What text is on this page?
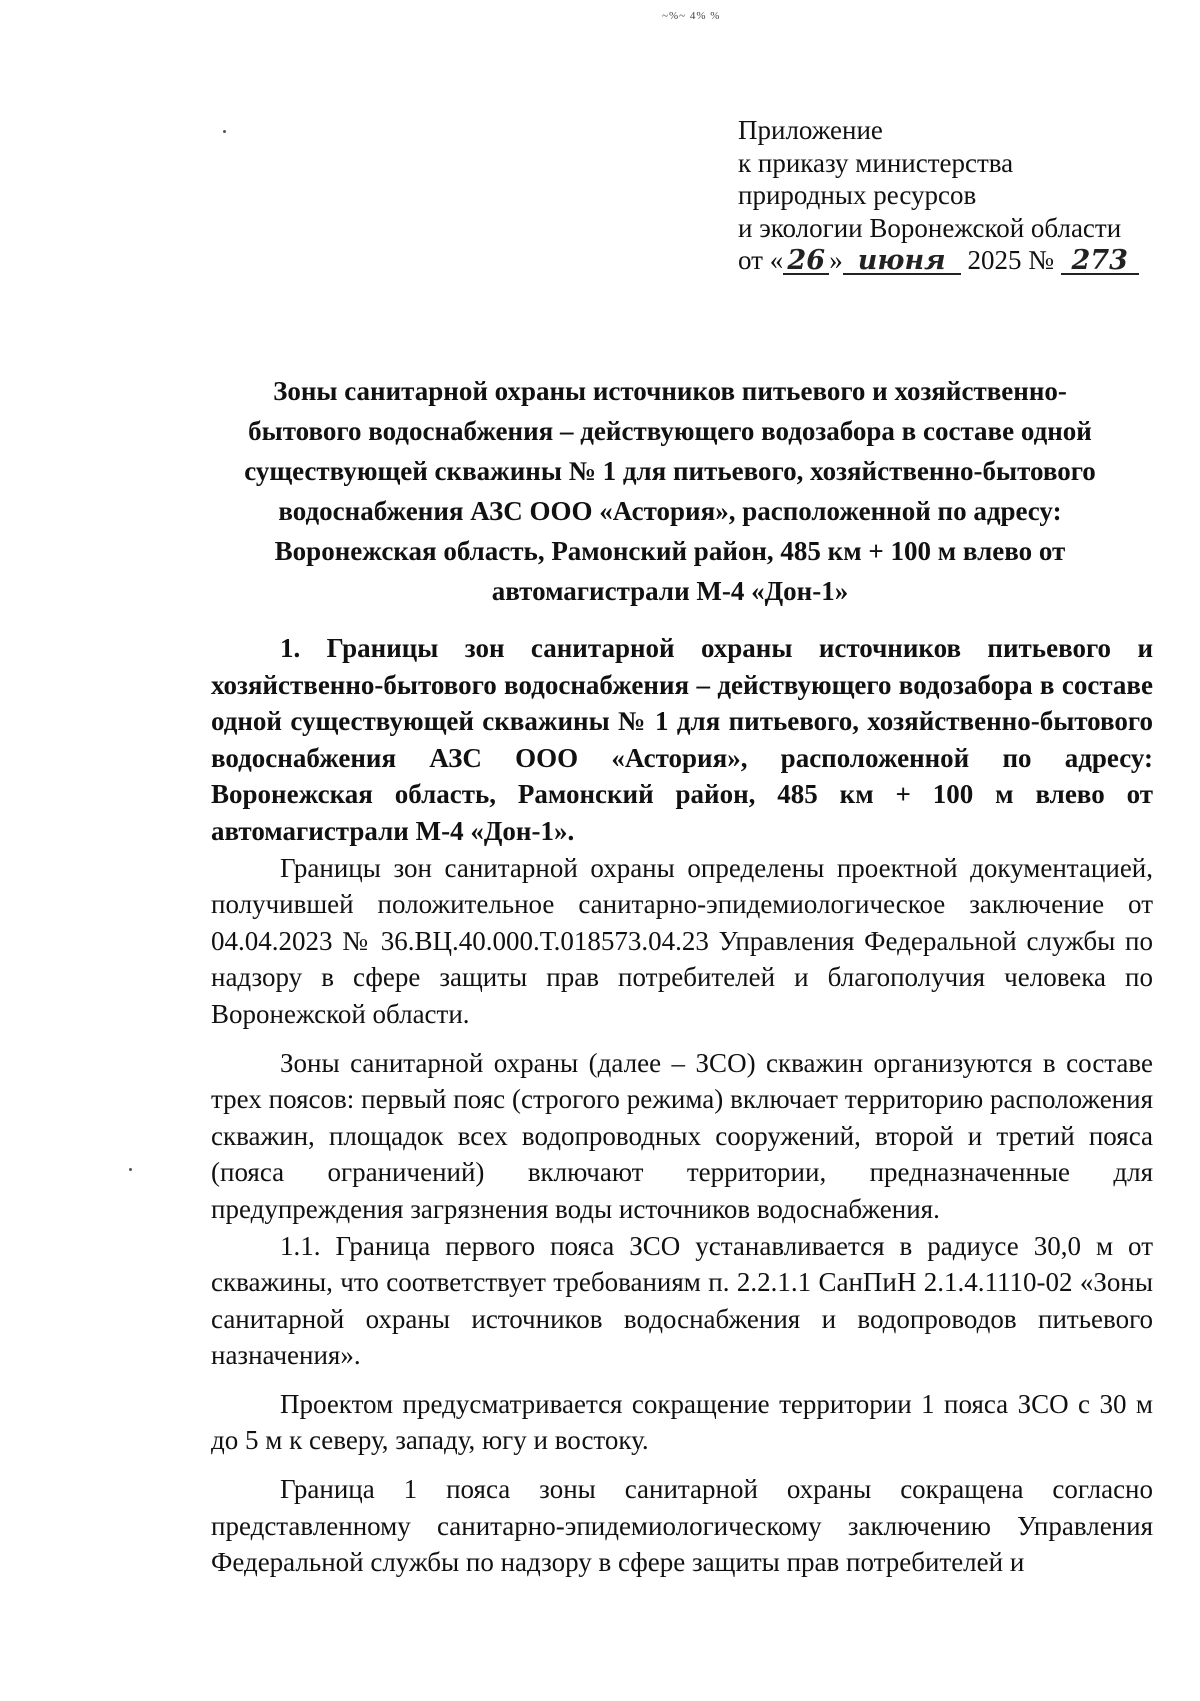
~%~ 4% %
Приложение
к приказу министерства
природных ресурсов
и экологии Воронежской области
от « 26 » июня 2025 № 273
Зоны санитарной охраны источников питьевого и хозяйственно-
бытового водоснабжения – действующего водозабора в составе одной
существующей скважины № 1 для питьевого, хозяйственно-бытового
водоснабжения АЗС ООО «Астория», расположенной по адресу:
Воронежская область, Рамонский район, 485 км + 100 м влево от
автомагистрали М-4 «Дон-1»

1. Границы зон санитарной охраны источников питьевого и хозяйственно-бытового водоснабжения – действующего водозабора в составе одной существующей скважины № 1 для питьевого, хозяйственно-бытового водоснабжения АЗС ООО «Астория», расположенной по адресу: Воронежская область, Рамонский район, 485 км + 100 м влево от автомагистрали М-4 «Дон-1».

Границы зон санитарной охраны определены проектной документацией, получившей положительное санитарно-эпидемиологическое заключение от 04.04.2023 № 36.ВЦ.40.000.Т.018573.04.23 Управления Федеральной службы по надзору в сфере защиты прав потребителей и благополучия человека по Воронежской области.

Зоны санитарной охраны (далее – ЗСО) скважин организуются в составе трех поясов: первый пояс (строгого режима) включает территорию расположения скважин, площадок всех водопроводных сооружений, второй и третий пояса (пояса ограничений) включают территории, предназначенные для предупреждения загрязнения воды источников водоснабжения.

1.1. Граница первого пояса ЗСО устанавливается в радиусе 30,0 м от скважины, что соответствует требованиям п. 2.2.1.1 СанПиН 2.1.4.1110-02 «Зоны санитарной охраны источников водоснабжения и водопроводов питьевого назначения».

Проектом предусматривается сокращение территории 1 пояса ЗСО с 30 м до 5 м к северу, западу, югу и востоку.

Граница 1 пояса зоны санитарной охраны сокращена согласно представленному санитарно-эпидемиологическому заключению Управления Федеральной службы по надзору в сфере защиты прав потребителей и
